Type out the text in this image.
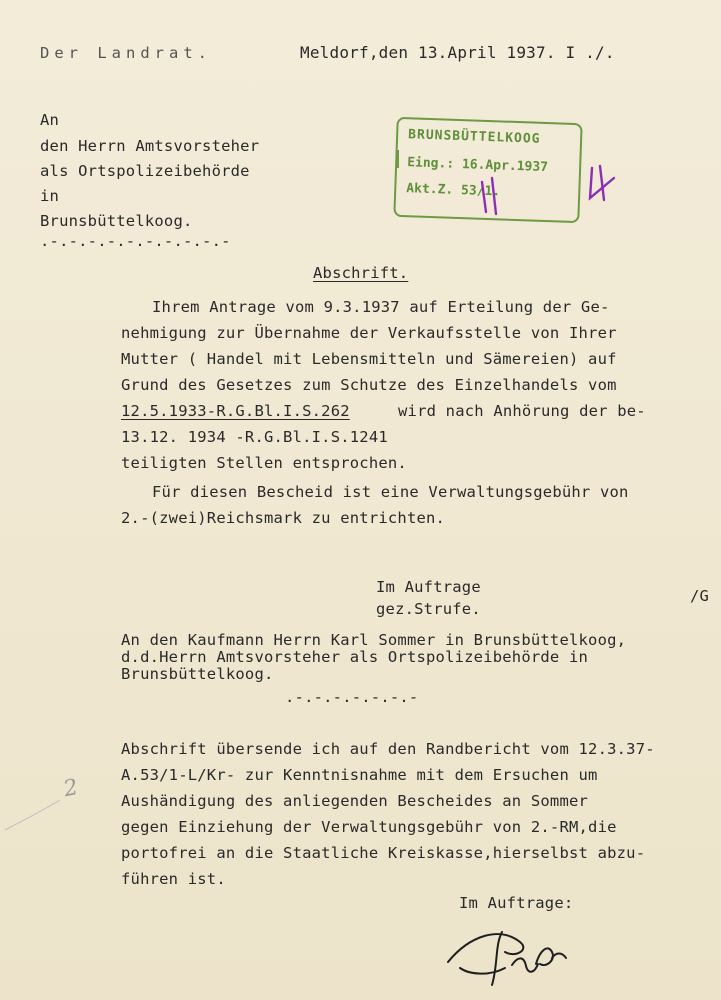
Der Landrat.	Meldorf,den 13.April 1937. I ./.
An
den Herrn Amtsvorsteher
als Ortspolizeibehörde
in
Brunsbüttelkoog.
.-.-.-.-.-.-.-.-.-.-
BRUNSBÜTTELKOOG
Eing.: 16.Apr.1937
Akt.Z. 53/1.
Abschrift.
Ihrem Antrage vom 9.3.1937 auf Erteilung der Ge-
nehmigung zur Übernahme der Verkaufsstelle von Ihrer
Mutter ( Handel mit Lebensmitteln und Sämereien) auf
Grund des Gesetzes zum Schutze des Einzelhandels vom
12.5.1933-R.G.Bl.I.S.262	wird nach Anhörung der be-
13.12. 1934 -R.G.Bl.I.S.1241
teiligten Stellen entsprochen.
Für diesen Bescheid ist eine Verwaltungsgebühr von
2.-(zwei)Reichsmark zu entrichten.
Im Auftrage
gez.Strufe.
/G
An den Kaufmann Herrn Karl Sommer in Brunsbüttelkoog,
d.d.Herrn Amtsvorsteher als Ortspolizeibehörde in
Brunsbüttelkoog.
.-.-.-.-.-.-.-
Abschrift übersende ich auf den Randbericht vom 12.3.37-
A.53/1-L/Kr- zur Kenntnisnahme mit dem Ersuchen um
Aushändigung des anliegenden Bescheides an Sommer
gegen Einziehung der Verwaltungsgebühr von 2.-RM,die
portofrei an die Staatliche Kreiskasse,hierselbst abzu-
führen ist.
Im Auftrage:
2
